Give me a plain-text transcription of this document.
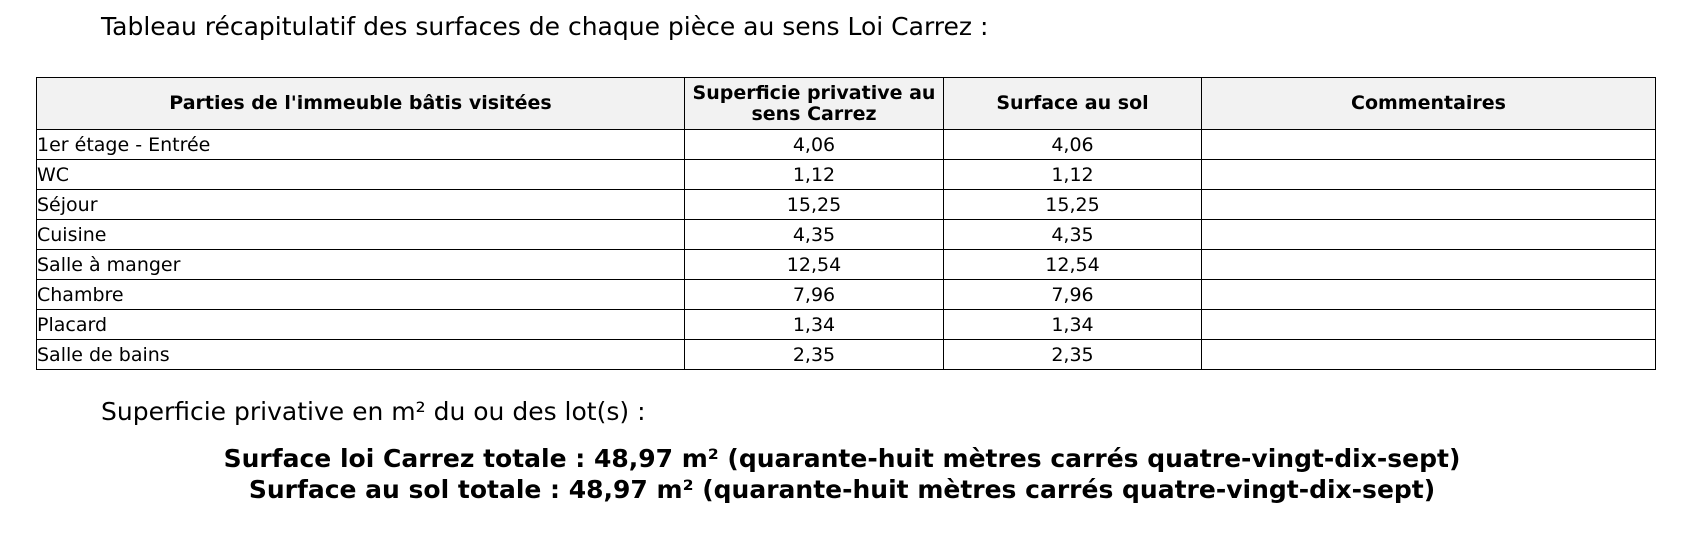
Tableau récapitulatif des surfaces de chaque pièce au sens Loi Carrez :
Parties de l'immeuble bâtis visitées	Superficie privative au sens Carrez	Surface au sol	Commentaires
1er étage - Entrée	4,06	4,06	
WC	1,12	1,12	
Séjour	15,25	15,25	
Cuisine	4,35	4,35	
Salle à manger	12,54	12,54	
Chambre	7,96	7,96	
Placard	1,34	1,34	
Salle de bains	2,35	2,35	
Superficie privative en m² du ou des lot(s) :
Surface loi Carrez totale : 48,97 m² (quarante-huit mètres carrés quatre-vingt-dix-sept)
Surface au sol totale : 48,97 m² (quarante-huit mètres carrés quatre-vingt-dix-sept)
